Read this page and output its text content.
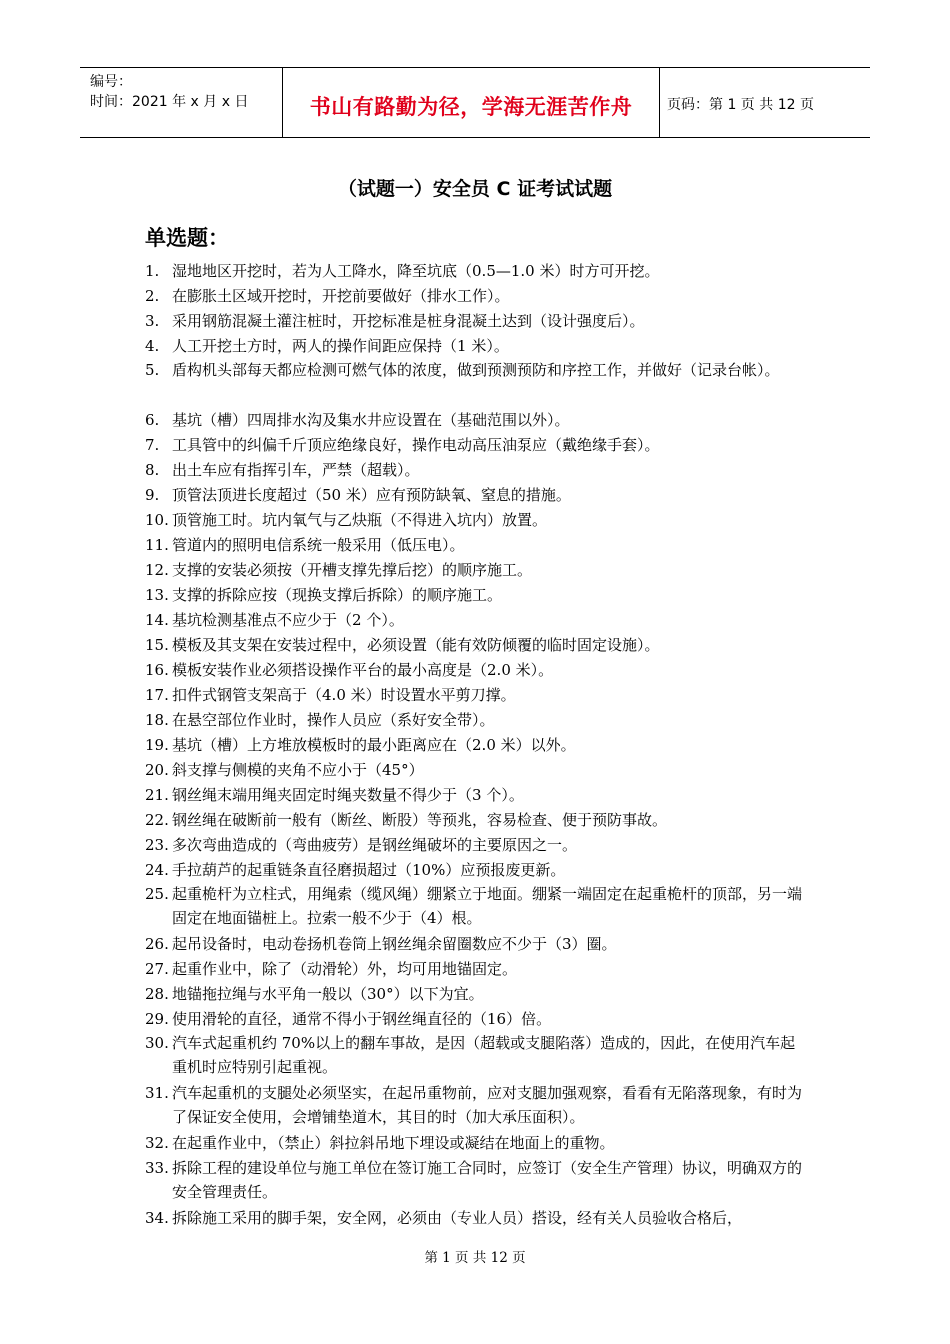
编号：
时间：2021 年 x 月 x 日	书山有路勤为径，学海无涯苦作舟	页码：第 1 页 共 12 页
（试题一）安全员 C 证考试试题
单选题：
1. 湿地地区开挖时，若为人工降水，降至坑底（0.5—1.0 米）时方可开挖。
2. 在膨胀土区域开挖时，开挖前要做好（排水工作）。
3. 采用钢筋混凝土灌注桩时，开挖标准是桩身混凝土达到（设计强度后）。
4. 人工开挖土方时，两人的操作间距应保持（1 米）。
5. 盾构机头部每天都应检测可燃气体的浓度，做到预测预防和序控工作，并做好（记录台帐）。
6. 基坑（槽）四周排水沟及集水井应设置在（基础范围以外）。
7. 工具管中的纠偏千斤顶应绝缘良好，操作电动高压油泵应（戴绝缘手套）。
8. 出土车应有指挥引车，严禁（超载）。
9. 顶管法顶进长度超过（50 米）应有预防缺氧、窒息的措施。
10. 顶管施工时。坑内氧气与乙炔瓶（不得进入坑内）放置。
11. 管道内的照明电信系统一般采用（低压电）。
12. 支撑的安装必须按（开槽支撑先撑后挖）的顺序施工。
13. 支撑的拆除应按（现换支撑后拆除）的顺序施工。
14. 基坑检测基准点不应少于（2 个）。
15. 模板及其支架在安装过程中，必须设置（能有效防倾覆的临时固定设施）。
16. 模板安装作业必须搭设操作平台的最小高度是（2.0 米）。
17. 扣件式钢管支架高于（4.0 米）时设置水平剪刀撑。
18. 在悬空部位作业时，操作人员应（系好安全带）。
19. 基坑（槽）上方堆放模板时的最小距离应在（2.0 米）以外。
20. 斜支撑与侧模的夹角不应小于（45°）
21. 钢丝绳末端用绳夹固定时绳夹数量不得少于（3 个）。
22. 钢丝绳在破断前一般有（断丝、断股）等预兆，容易检查、便于预防事故。
23. 多次弯曲造成的（弯曲疲劳）是钢丝绳破坏的主要原因之一。
24. 手拉葫芦的起重链条直径磨损超过（10%）应预报废更新。
25. 起重桅杆为立柱式，用绳索（缆风绳）绷紧立于地面。绷紧一端固定在起重桅杆的顶部，另一端固定在地面锚桩上。拉索一般不少于（4）根。
26. 起吊设备时，电动卷扬机卷筒上钢丝绳余留圈数应不少于（3）圈。
27. 起重作业中，除了（动滑轮）外，均可用地锚固定。
28. 地锚拖拉绳与水平角一般以（30°）以下为宜。
29. 使用滑轮的直径，通常不得小于钢丝绳直径的（16）倍。
30. 汽车式起重机约 70%以上的翻车事故，是因（超载或支腿陷落）造成的，因此，在使用汽车起重机时应特别引起重视。
31. 汽车起重机的支腿处必须坚实，在起吊重物前，应对支腿加强观察，看看有无陷落现象，有时为了保证安全使用，会增铺垫道木，其目的时（加大承压面积）。
32. 在起重作业中，（禁止）斜拉斜吊地下埋设或凝结在地面上的重物。
33. 拆除工程的建设单位与施工单位在签订施工合同时，应签订（安全生产管理）协议，明确双方的安全管理责任。
34. 拆除施工采用的脚手架，安全网，必须由（专业人员）搭设，经有关人员验收合格后，
第 1 页 共 12 页
